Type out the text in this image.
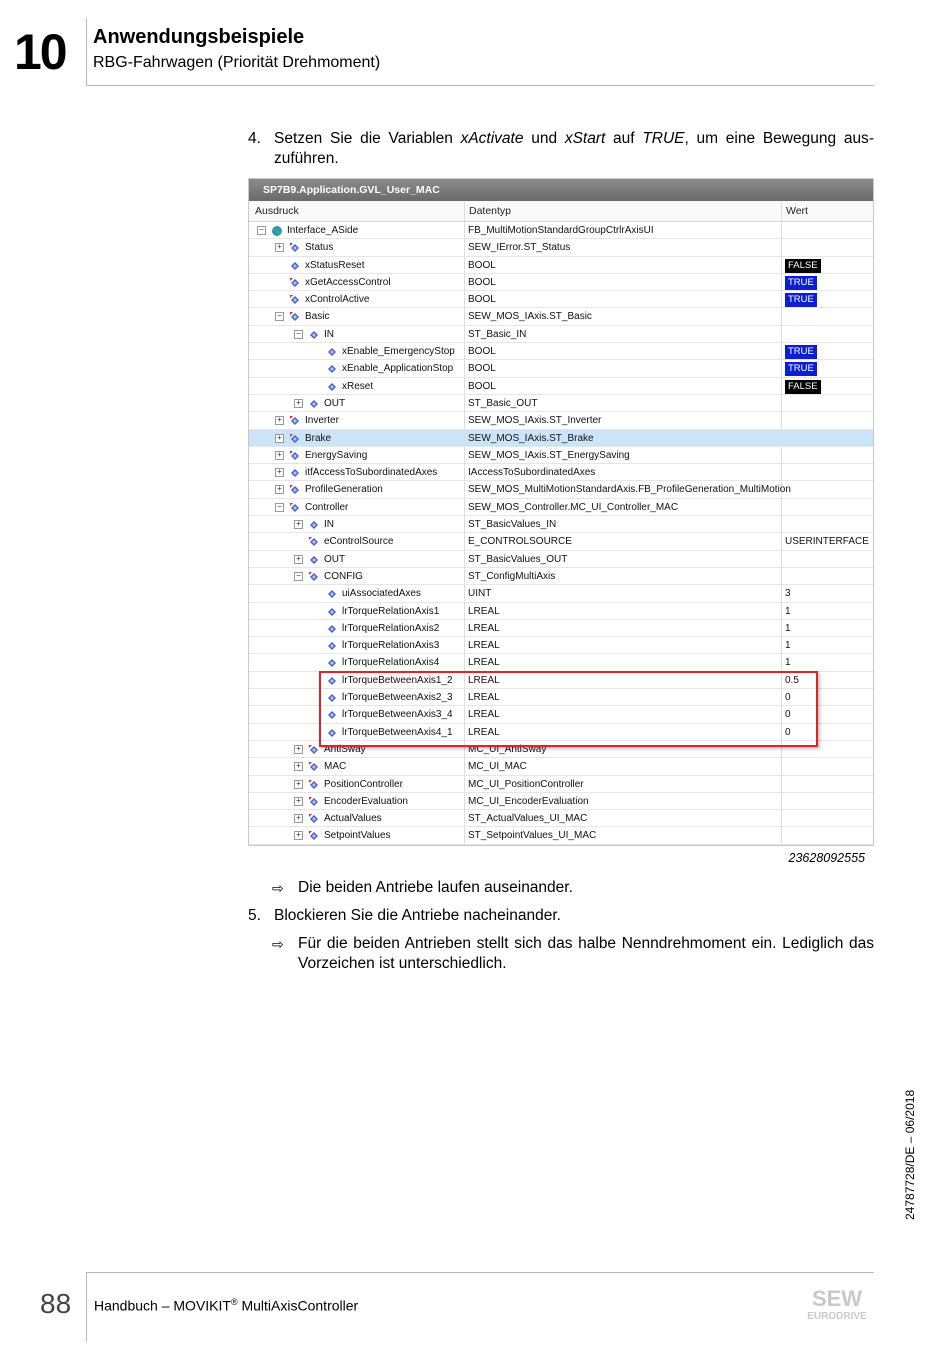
10 Anwendungsbeispiele
RBG-Fahrwagen (Priorität Drehmoment)
4. Setzen Sie die Variablen xActivate und xStart auf TRUE, um eine Bewegung auszuführen.
SP7B9.Application.GVL_User_MAC
Ausdruck	Datentyp	Wert
− Interface_ASide	FB_MultiMotionStandardGroupCtrlrAxisUI
+ Status	SEW_IError.ST_Status
xStatusReset	BOOL	FALSE
xGetAccessControl	BOOL	TRUE
xControlActive	BOOL	TRUE
− Basic	SEW_MOS_IAxis.ST_Basic
− IN	ST_Basic_IN
xEnable_EmergencyStop BOOL	TRUE
xEnable_ApplicationStop BOOL	TRUE
xReset	BOOL	FALSE
+ OUT	ST_Basic_OUT
+ Inverter	SEW_MOS_IAxis.ST_Inverter
+ Brake	SEW_MOS_IAxis.ST_Brake
+ EnergySaving	SEW_MOS_IAxis.ST_EnergySaving
+ itfAccessToSubordinatedAxes	IAccessToSubordinatedAxes
+ ProfileGeneration	SEW_MOS_MultiMotionStandardAxis.FB_ProfileGeneration_MultiMotion
− Controller	SEW_MOS_Controller.MC_UI_Controller_MAC
+ IN	ST_BasicValues_IN
eControlSource	E_CONTROLSOURCE	USERINTERFACE
+ OUT	ST_BasicValues_OUT
− CONFIG	ST_ConfigMultiAxis
uiAssociatedAxes	UINT	3
lrTorqueRelationAxis1	LREAL	1
lrTorqueRelationAxis2	LREAL	1
lrTorqueRelationAxis3	LREAL	1
lrTorqueRelationAxis4	LREAL	1
lrTorqueBetweenAxis1_2 LREAL	0.5
lrTorqueBetweenAxis2_3 LREAL	0
lrTorqueBetweenAxis3_4 LREAL	0
lrTorqueBetweenAxis4_1 LREAL	0
+ AntiSway	MC_UI_AntiSway
+ MAC	MC_UI_MAC
+ PositionController	MC_UI_PositionController
+ EncoderEvaluation	MC_UI_EncoderEvaluation
+ ActualValues	ST_ActualValues_UI_MAC
+ SetpointValues	ST_SetpointValues_UI_MAC
23628092555
⇨ Die beiden Antriebe laufen auseinander.
5. Blockieren Sie die Antriebe nacheinander.
⇨ Für die beiden Antrieben stellt sich das halbe Nenndrehmoment ein. Lediglich das Vorzeichen ist unterschiedlich.
24787728/DE – 06/2018
88 Handbuch – MOVIKIT® MultiAxisController	SEW
EURODRIVE
